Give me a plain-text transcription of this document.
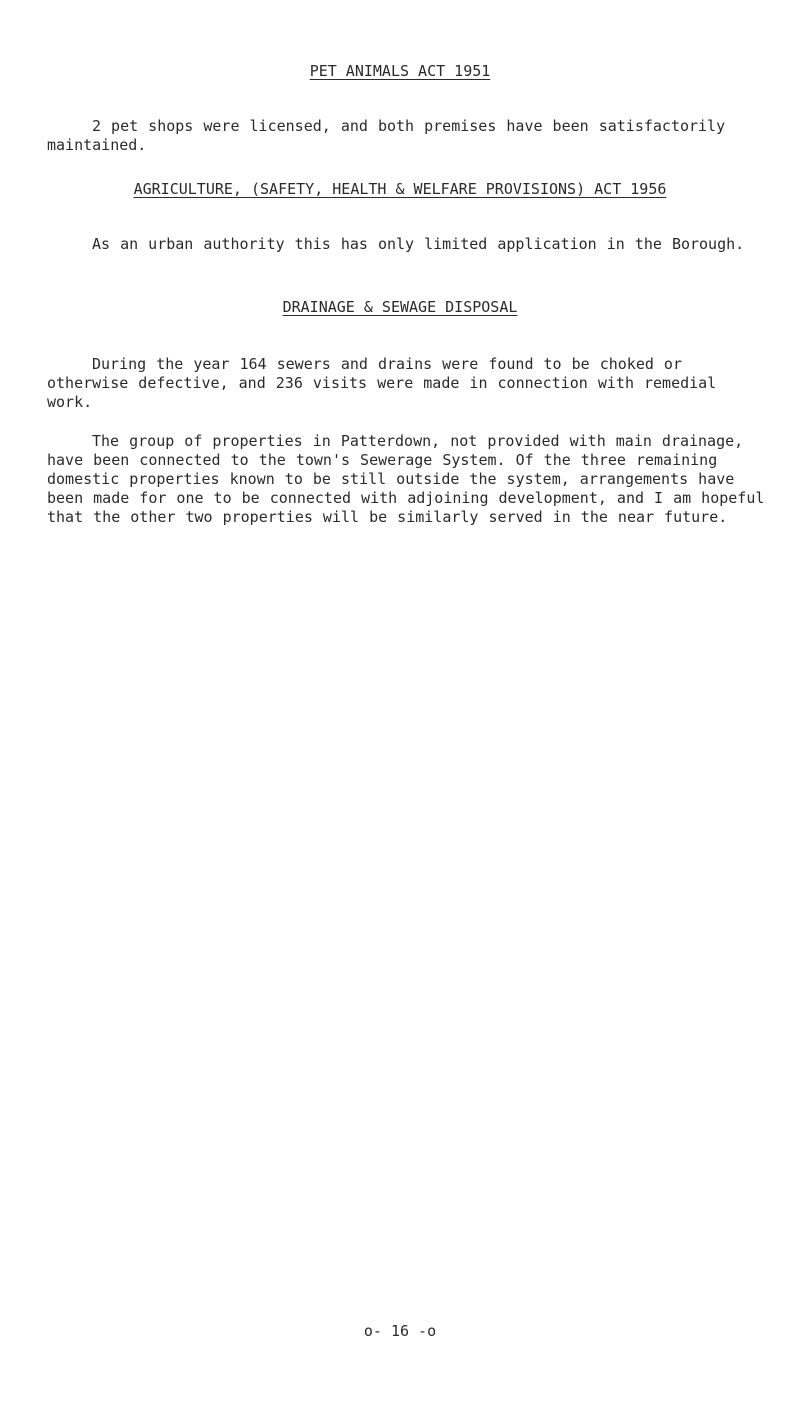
PET ANIMALS ACT 1951

2 pet shops were licensed, and both premises have been satisfactorily maintained.

AGRICULTURE, (SAFETY, HEALTH & WELFARE PROVISIONS) ACT 1956

As an urban authority this has only limited application in the Borough.

DRAINAGE & SEWAGE DISPOSAL

During the year 164 sewers and drains were found to be choked or otherwise defective, and 236 visits were made in connection with remedial work.

The group of properties in Patterdown, not provided with main drainage, have been connected to the town's Sewerage System. Of the three remaining domestic properties known to be still outside the system, arrangements have been made for one to be connected with adjoining development, and I am hopeful that the other two properties will be similarly served in the near future.

o- 16 -o
